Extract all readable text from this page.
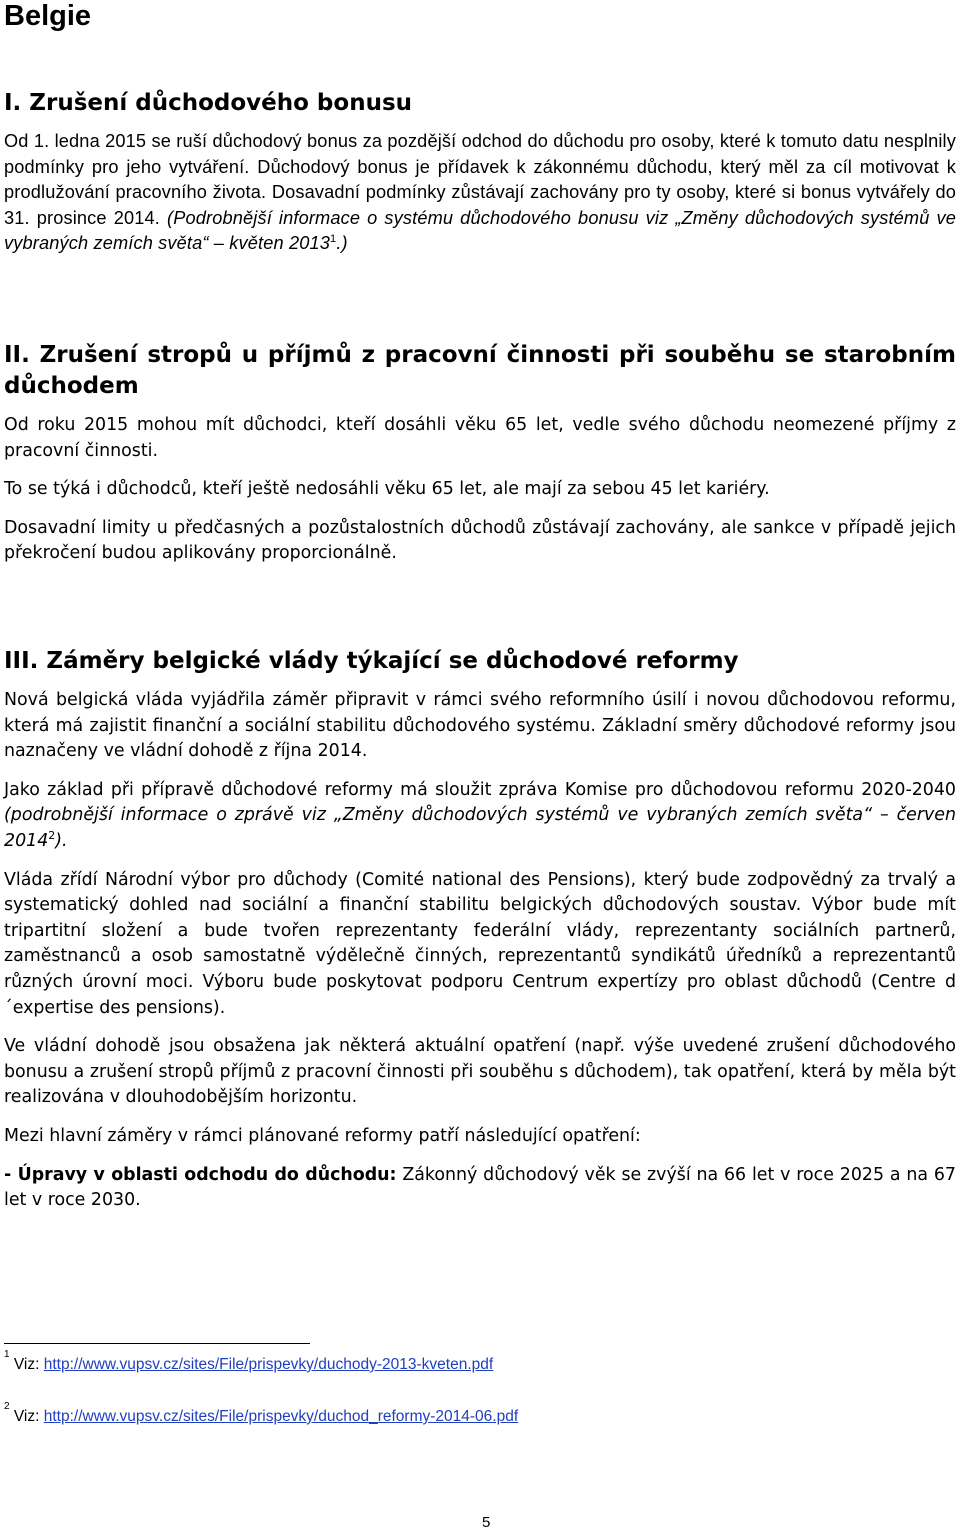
Belgie
I. Zrušení důchodového bonusu

Od 1. ledna 2015 se ruší důchodový bonus za pozdější odchod do důchodu pro osoby, které k tomuto datu nesplnily podmínky pro jeho vytváření. Důchodový bonus je přídavek k zákonnému důchodu, který měl za cíl motivovat k prodlužování pracovního života. Dosavadní podmínky zůstávají zachovány pro ty osoby, které si bonus vytvářely do 31. prosince 2014. (Podrobnější informace o systému důchodového bonusu viz „Změny důchodových systémů ve vybraných zemích světa“ – květen 2013$^1$.)

II. Zrušení stropů u příjmů z pracovní činnosti při souběhu se starobním důchodem

Od roku 2015 mohou mít důchodci, kteří dosáhli věku 65 let, vedle svého důchodu neomezené příjmy z pracovní činnosti.

To se týká i důchodců, kteří ještě nedosáhli věku 65 let, ale mají za sebou 45 let kariéry.

Dosavadní limity u předčasných a pozůstalostních důchodů zůstávají zachovány, ale sankce v případě jejich překročení budou aplikovány proporcionálně.

III. Záměry belgické vlády týkající se důchodové reformy

Nová belgická vláda vyjádřila záměr připravit v rámci svého reformního úsilí i novou důchodovou reformu, která má zajistit finanční a sociální stabilitu důchodového systému. Základní směry důchodové reformy jsou naznačeny ve vládní dohodě z října 2014.

Jako základ při přípravě důchodové reformy má sloužit zpráva Komise pro důchodovou reformu 2020-2040 (podrobnější informace o zprávě viz „Změny důchodových systémů ve vybraných zemích světa“ – červen 2014$^2$).

Vláda zřídí Národní výbor pro důchody (Comité national des Pensions), který bude zodpovědný za trvalý a systematický dohled nad sociální a finanční stabilitu belgických důchodových soustav. Výbor bude mít tripartitní složení a bude tvořen reprezentanty federální vlády, reprezentanty sociálních partnerů, zaměstnanců a osob samostatně výdělečně činných, reprezentantů syndikátů úředníků a reprezentantů různých úrovní moci. Výboru bude poskytovat podporu Centrum expertízy pro oblast důchodů (Centre d´expertise des pensions).

Ve vládní dohodě jsou obsažena jak některá aktuální opatření (např. výše uvedené zrušení důchodového bonusu a zrušení stropů příjmů z pracovní činnosti při souběhu s důchodem), tak opatření, která by měla být realizována v dlouhodobějším horizontu.

Mezi hlavní záměry v rámci plánované reformy patří následující opatření:

- Úpravy v oblasti odchodu do důchodu: Zákonný důchodový věk se zvýší na 66 let v roce 2025 a na 67 let v roce 2030.

$^1$ Viz: http://www.vupsv.cz/sites/File/prispevky/duchody-2013-kveten.pdf
$^2$ Viz: http://www.vupsv.cz/sites/File/prispevky/duchod_reformy-2014-06.pdf
5
